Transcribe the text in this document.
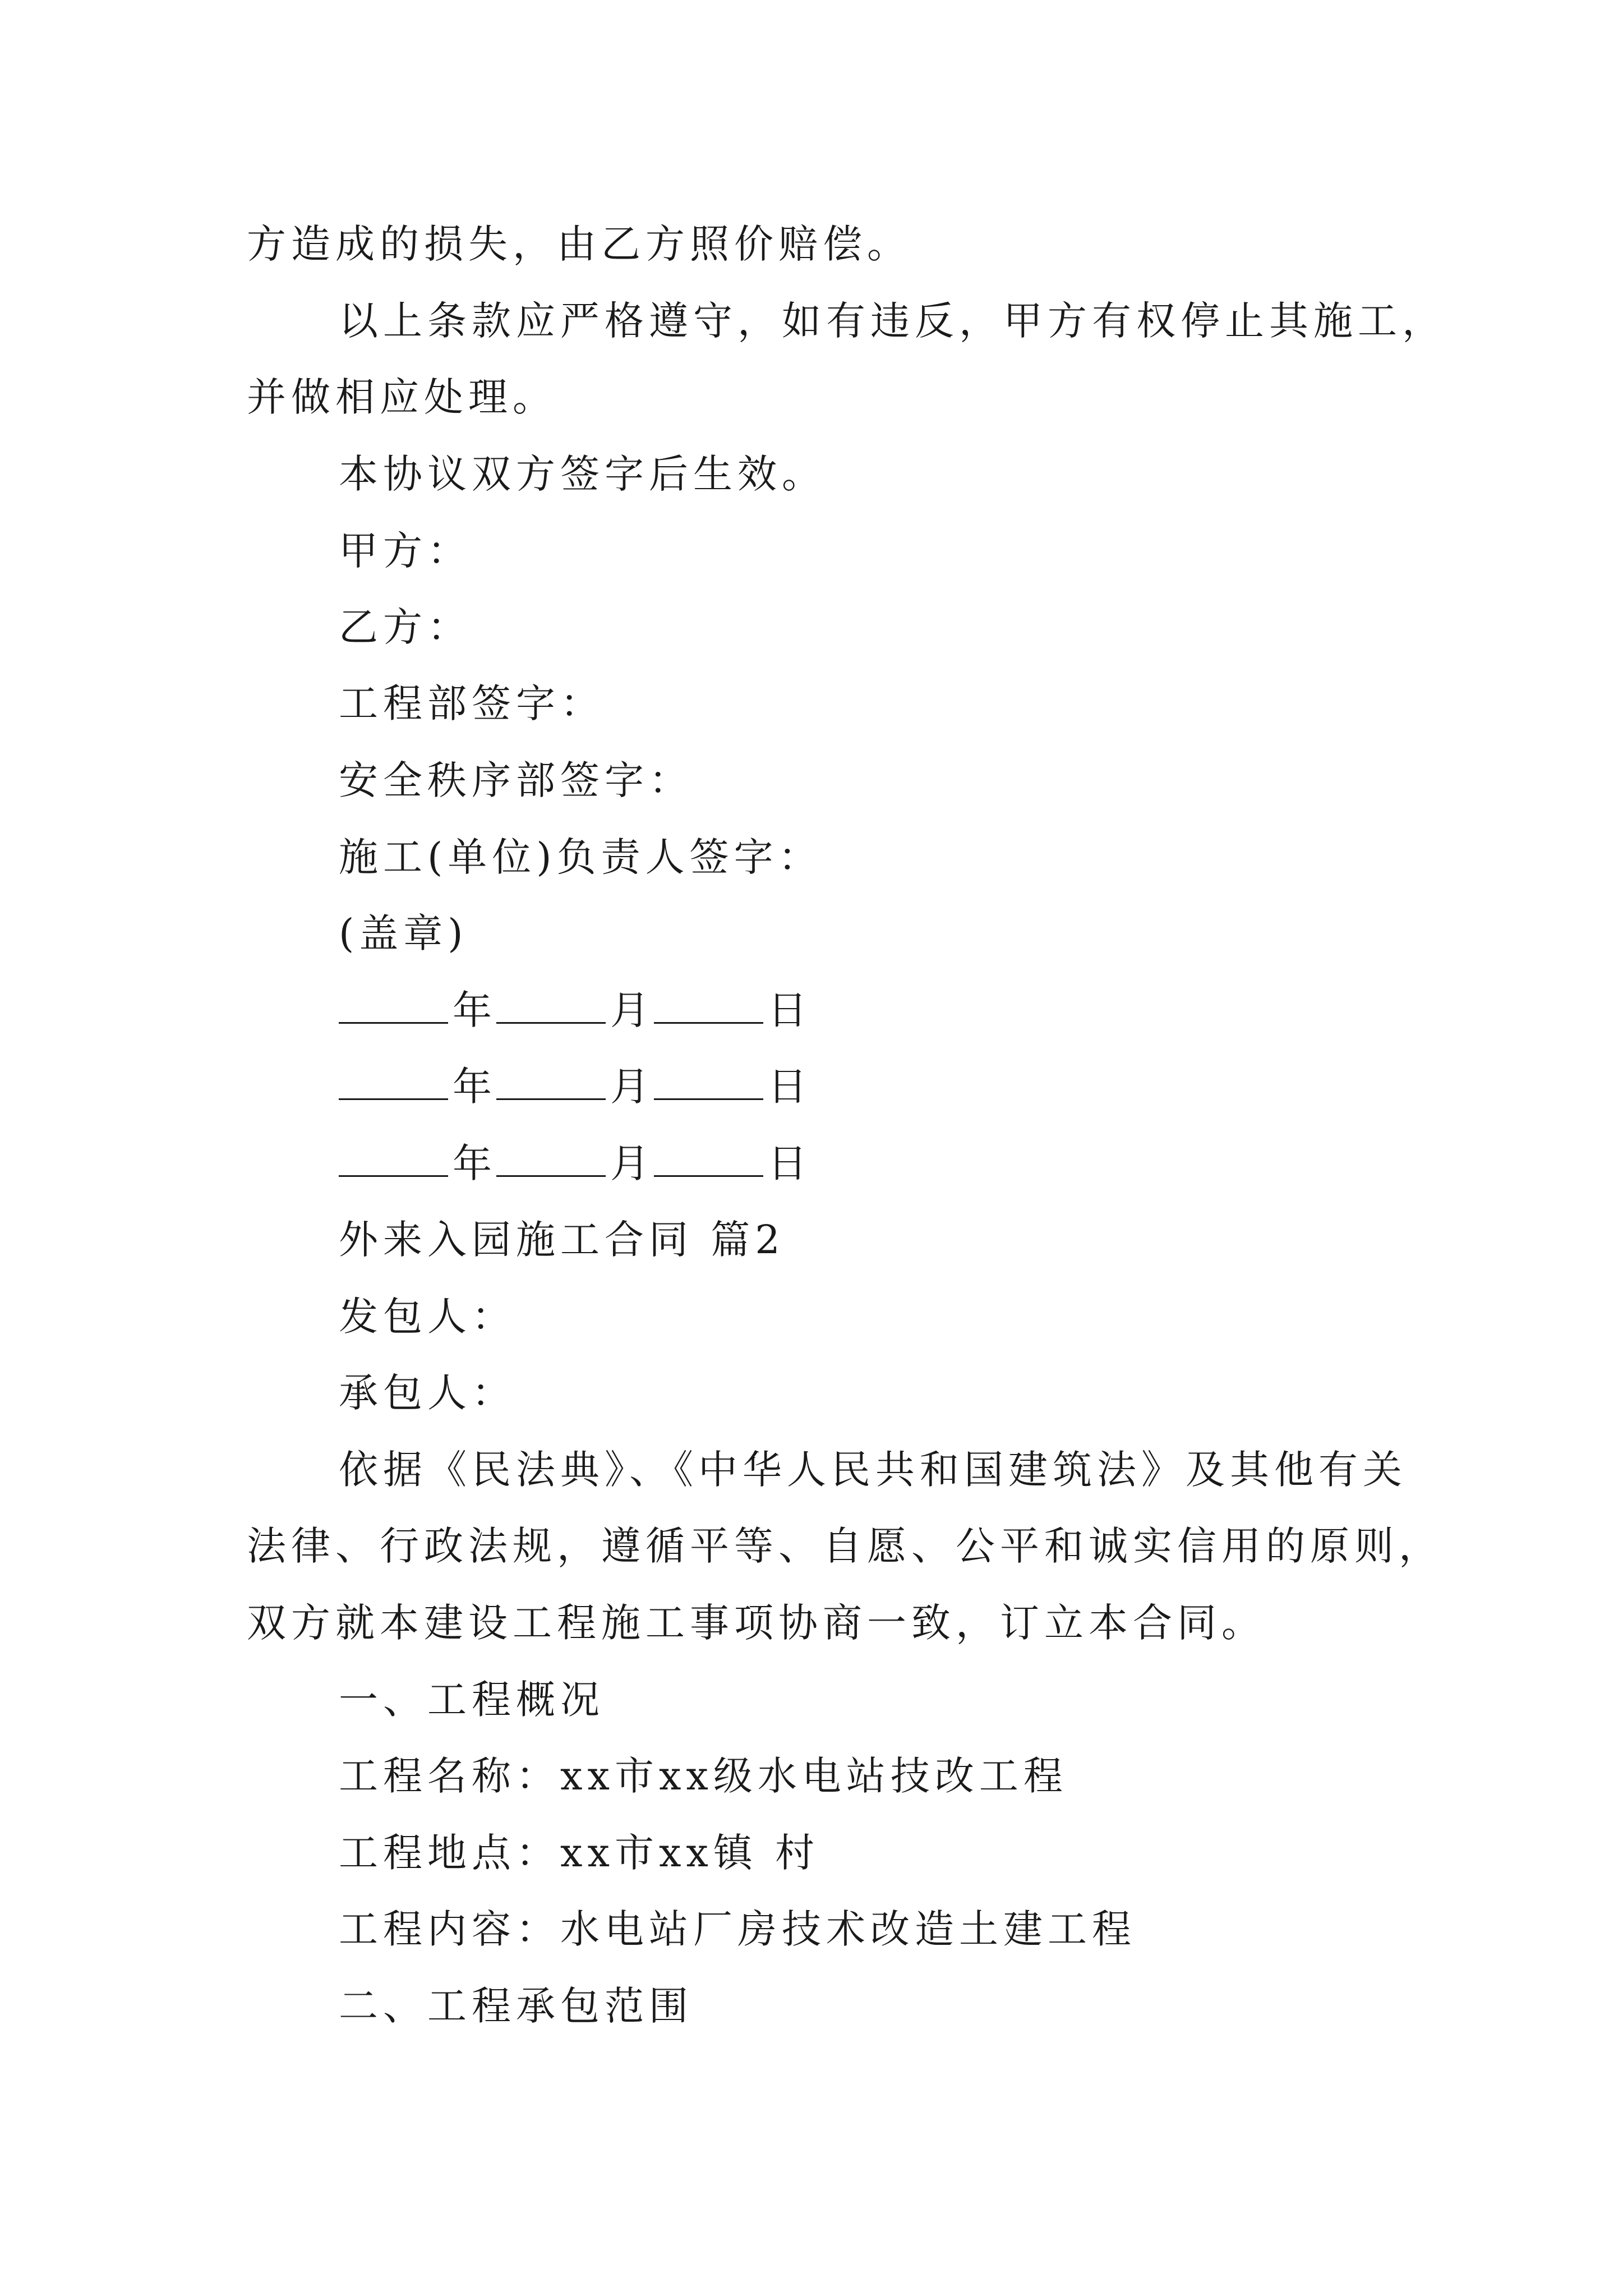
方造成的损失，由乙方照价赔偿。
以上条款应严格遵守，如有违反，甲方有权停止其施工，
并做相应处理。
本协议双方签字后生效。
甲方：
乙方：
工程部签字：
安全秩序部签字：
施工(单位)负责人签字：
(盖章)
年	月	日
年	月	日
年	月	日
外来入园施工合同 篇2
发包人：
承包人：
依据《民法典》、《中华人民共和国建筑法》及其他有关
法律、行政法规，遵循平等、自愿、公平和诚实信用的原则，
双方就本建设工程施工事项协商一致，订立本合同。
一、工程概况
工程名称：xx市xx级水电站技改工程
工程地点：xx市xx镇 村
工程内容：水电站厂房技术改造土建工程
二、工程承包范围
